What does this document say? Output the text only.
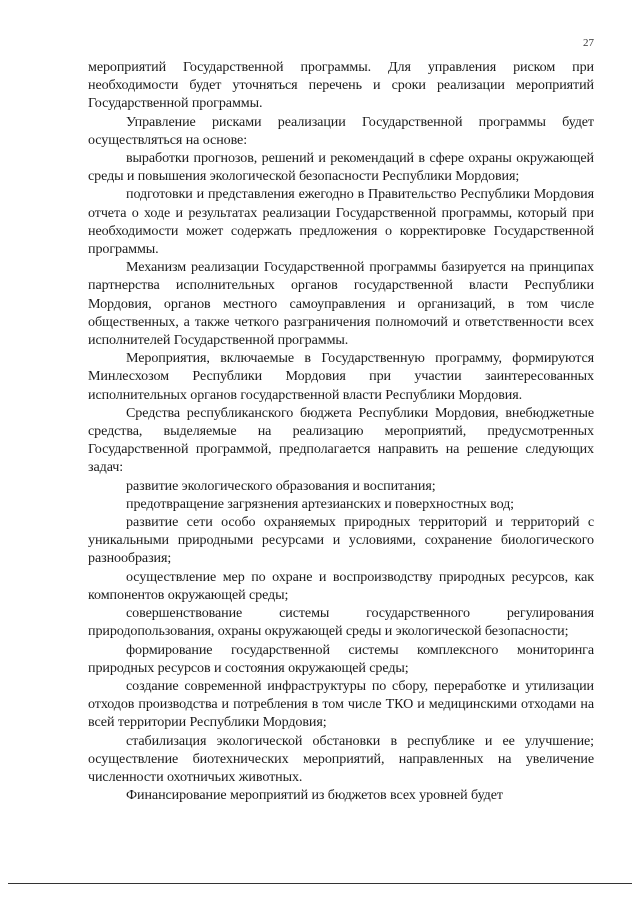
27

мероприятий Государственной программы. Для управления риском при необходимости будет уточняться перечень и сроки реализации мероприятий Государственной программы.

Управление рисками реализации Государственной программы будет осуществляться на основе:

выработки прогнозов, решений и рекомендаций в сфере охраны окружающей среды и повышения экологической безопасности Республики Мордовия;

подготовки и представления ежегодно в Правительство Республики Мордовия отчета о ходе и результатах реализации Государственной программы, который при необходимости может содержать предложения о корректировке Государственной программы.

Механизм реализации Государственной программы базируется на принципах партнерства исполнительных органов государственной власти Республики Мордовия, органов местного самоуправления и организаций, в том числе общественных, а также четкого разграничения полномочий и ответственности всех исполнителей Государственной программы.

Мероприятия, включаемые в Государственную программу, формируются Минлесхозом Республики Мордовия при участии заинтересованных исполнительных органов государственной власти Республики Мордовия.

Средства республиканского бюджета Республики Мордовия, внебюджетные средства, выделяемые на реализацию мероприятий, предусмотренных Государственной программой, предполагается направить на решение следующих задач:

развитие экологического образования и воспитания;

предотвращение загрязнения артезианских и поверхностных вод;

развитие сети особо охраняемых природных территорий и территорий с уникальными природными ресурсами и условиями, сохранение биологического разнообразия;

осуществление мер по охране и воспроизводству природных ресурсов, как компонентов окружающей среды;

совершенствование системы государственного регулирования природопользования, охраны окружающей среды и экологической безопасности;

формирование государственной системы комплексного мониторинга природных ресурсов и состояния окружающей среды;

создание современной инфраструктуры по сбору, переработке и утилизации отходов производства и потребления в том числе ТКО и медицинскими отходами на всей территории Республики Мордовия;

стабилизация экологической обстановки в республике и ее улучшение; осуществление биотехнических мероприятий, направленных на увеличение численности охотничьих животных.

Финансирование мероприятий из бюджетов всех уровней будет
